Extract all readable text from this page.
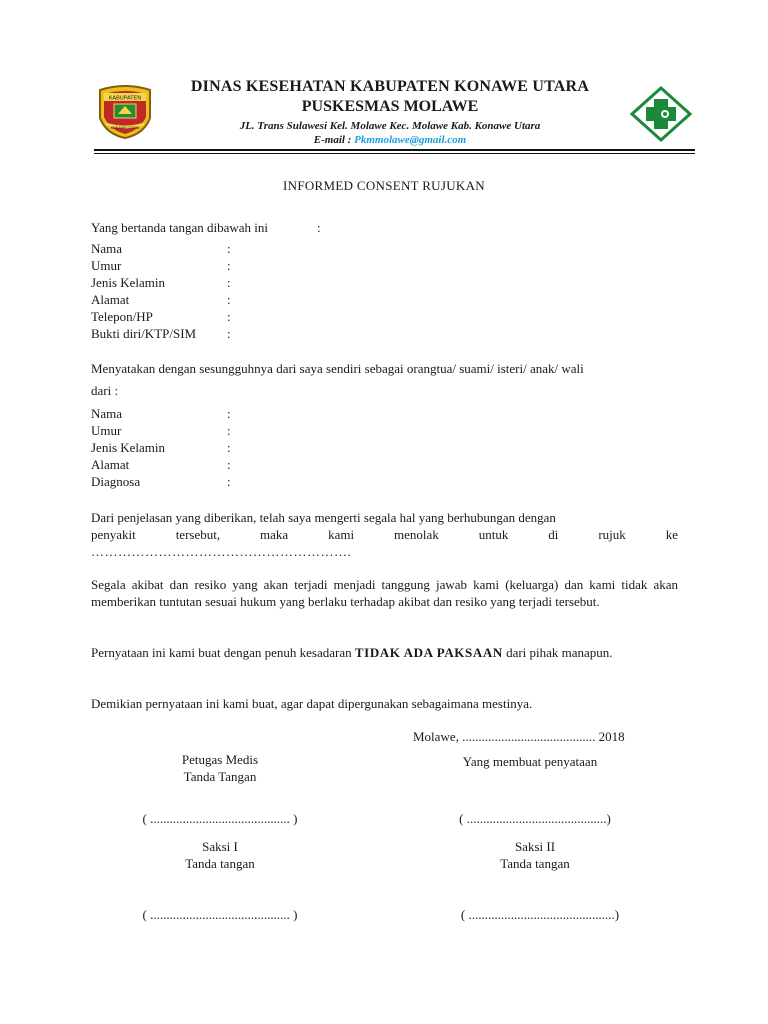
KABUPATEN
KONAWE UTARA
DINAS KESEHATAN KABUPATEN KONAWE UTARA
PUSKESMAS MOLAWE
JL. Trans Sulawesi Kel. Molawe Kec. Molawe Kab. Konawe Utara
E-mail : Pkmmolawe@gmail.com
INFORMED CONSENT RUJUKAN
Yang bertanda tangan dibawah ini	:
Nama	:
Umur	:
Jenis Kelamin	:
Alamat	:
Telepon/HP	:
Bukti diri/KTP/SIM :
Menyatakan dengan sesungguhnya dari saya sendiri sebagai orangtua/ suami/ isteri/ anak/ wali
dari :
Nama	:
Umur	:
Jenis Kelamin	:
Alamat	:
Diagnosa	:
Dari penjelasan yang diberikan, telah saya mengerti segala hal yang berhubungan dengan
penyakit tersebut, maka kami menolak untuk di rujuk ke
………………………………………………….
Segala akibat dan resiko yang akan terjadi menjadi tanggung jawab kami (keluarga) dan kami tidak akan memberikan tuntutan sesuai hukum yang berlaku terhadap akibat dan resiko yang terjadi tersebut.
Pernyataan ini kami buat dengan penuh kesadaran TIDAK ADA PAKSAAN dari pihak manapun.
Demikian pernyataan ini kami buat, agar dapat dipergunakan sebagaimana mestinya.
Molawe, ......................................... 2018
Petugas Medis
Tanda Tangan
Yang membuat penyataan
( ........................................... )	( ...........................................)
Saksi I
Tanda tangan
Saksi II
Tanda tangan
( ........................................... )	( .............................................)
